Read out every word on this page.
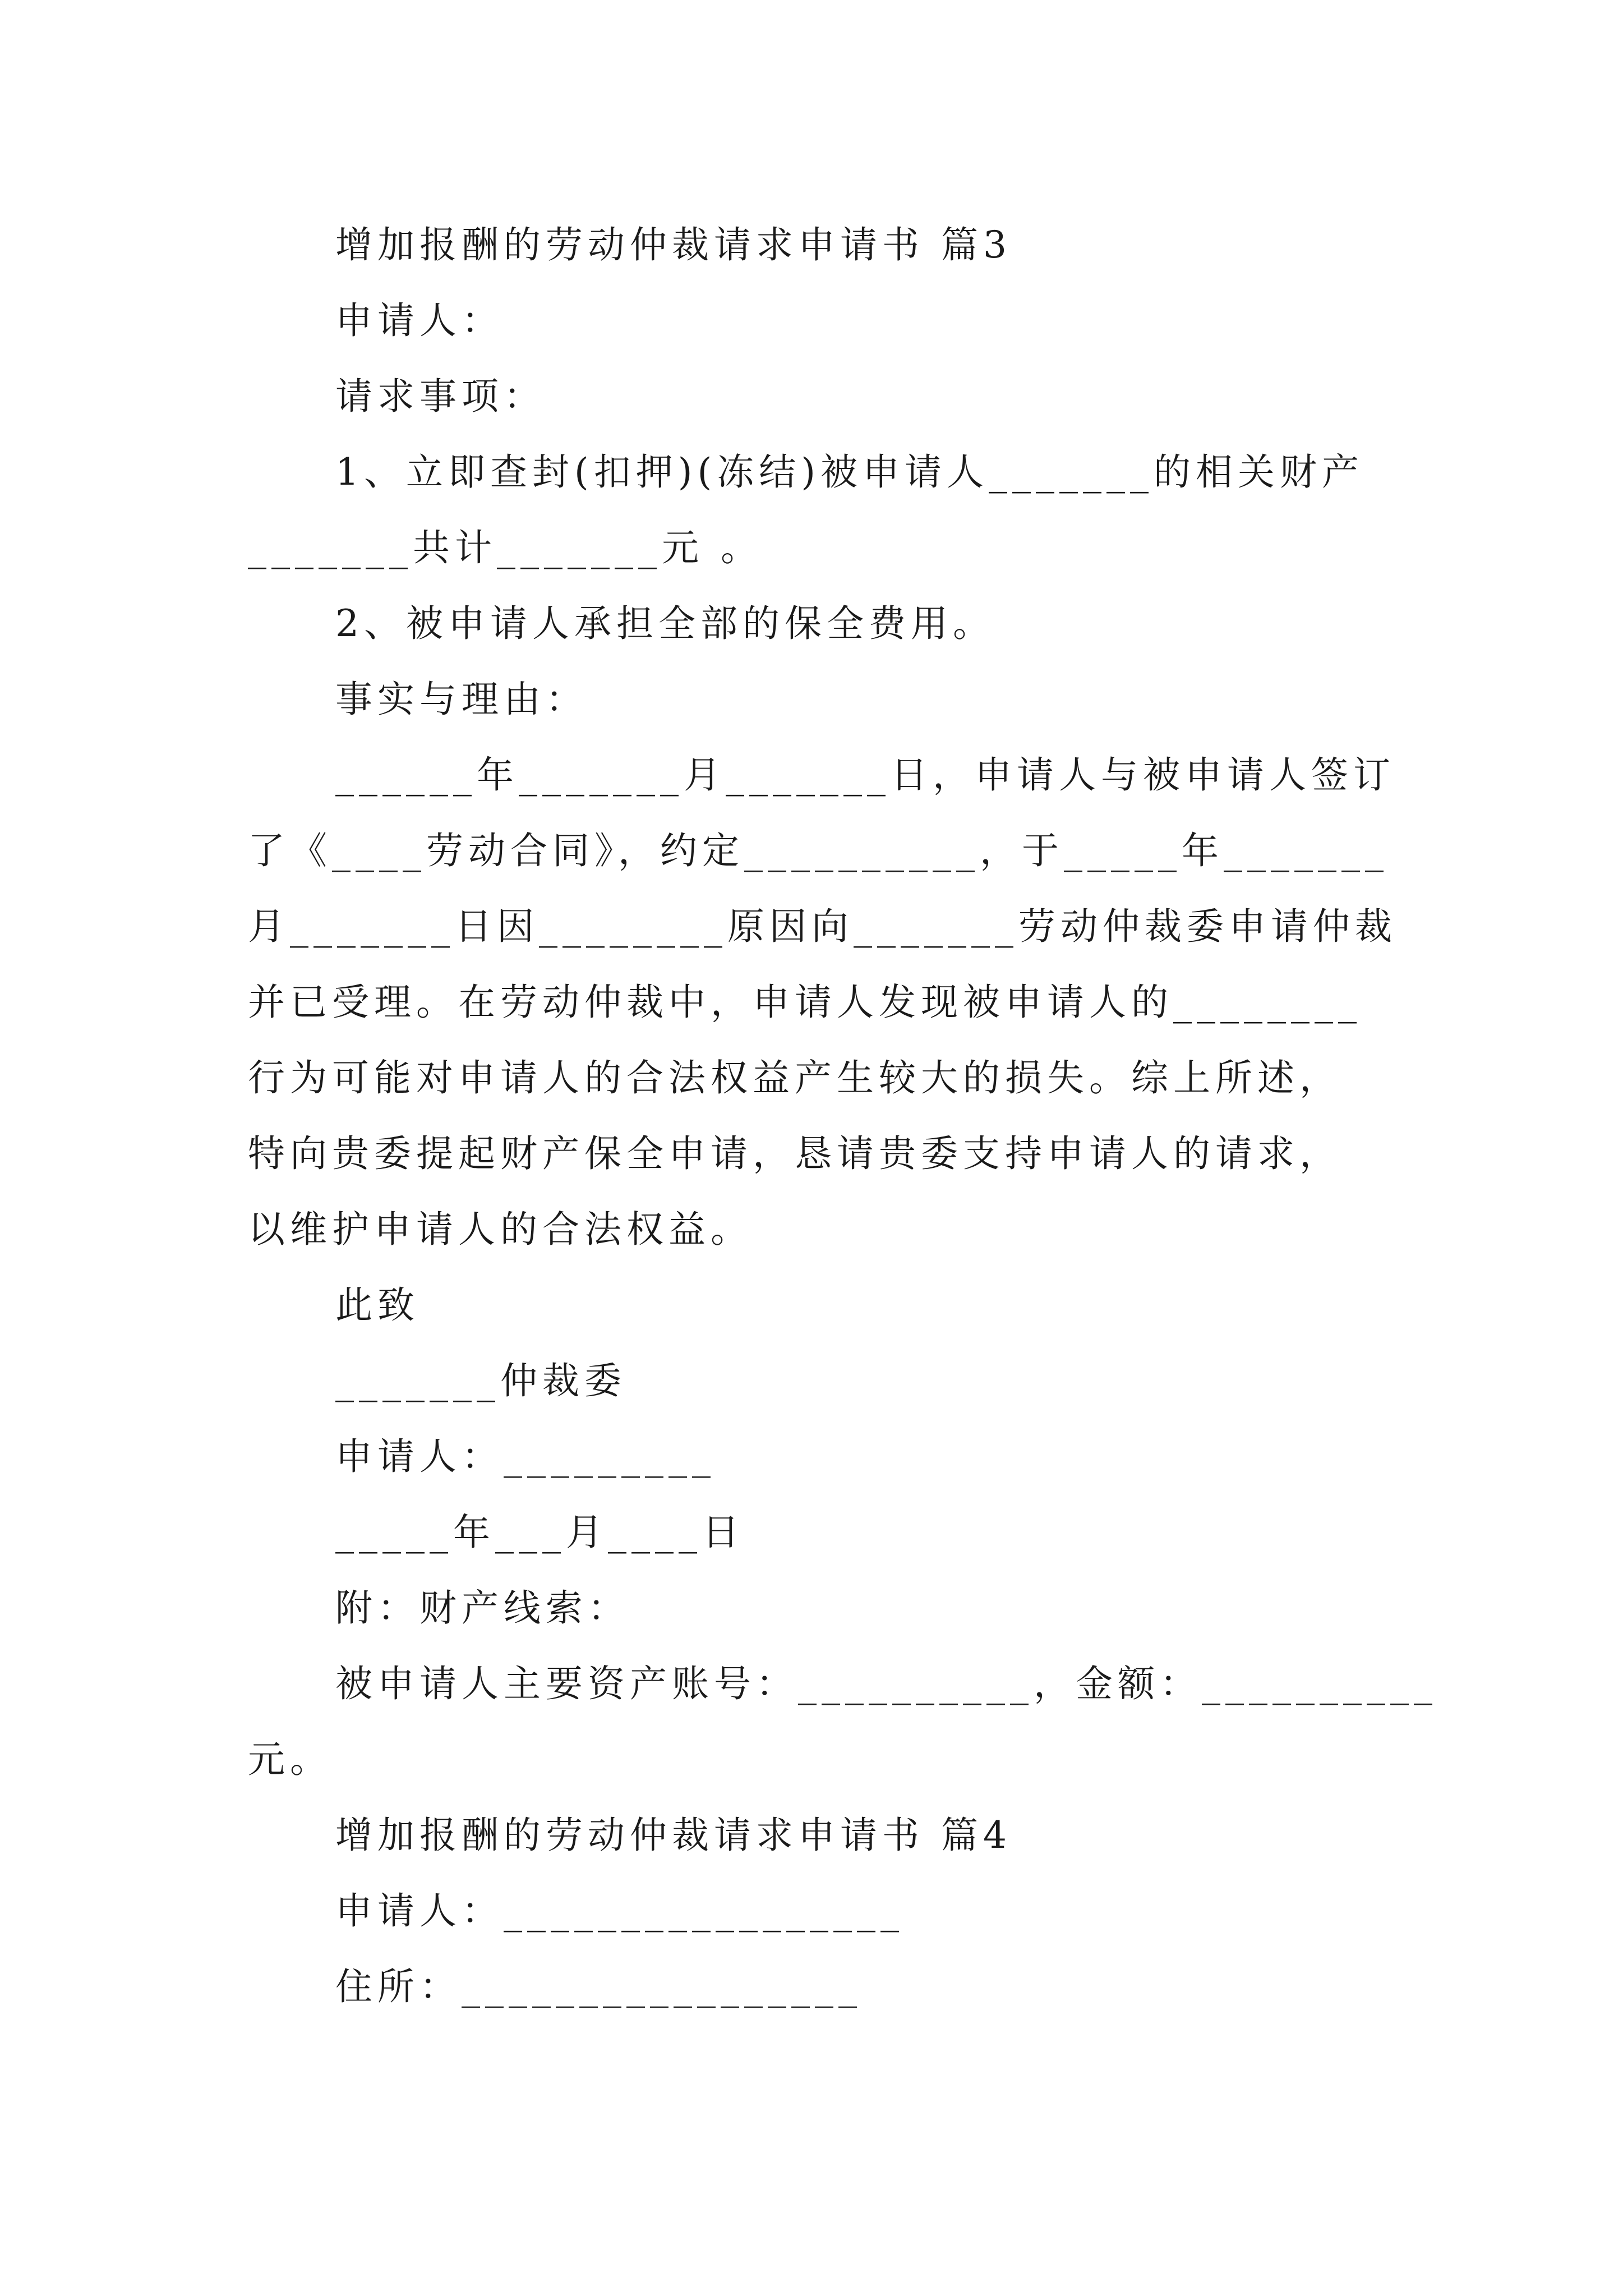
增加报酬的劳动仲裁请求申请书 篇3
申请人：
请求事项：
1、立即查封(扣押)(冻结)被申请人_______的相关财产
_______共计_______元 。
2、被申请人承担全部的保全费用。
事实与理由：
______年_______月_______日，申请人与被申请人签订
了《____劳动合同》，约定__________，于_____年_______
月_______日因________原因向_______劳动仲裁委申请仲裁
并已受理。在劳动仲裁中，申请人发现被申请人的________
行为可能对申请人的合法权益产生较大的损失。综上所述，
特向贵委提起财产保全申请，恳请贵委支持申请人的请求，
以维护申请人的合法权益。
此致
_______仲裁委
申请人：_________
_____年___月____日
附：财产线索：
被申请人主要资产账号：__________，金额：__________
元。
增加报酬的劳动仲裁请求申请书 篇4
申请人：_________________
住所：_________________
